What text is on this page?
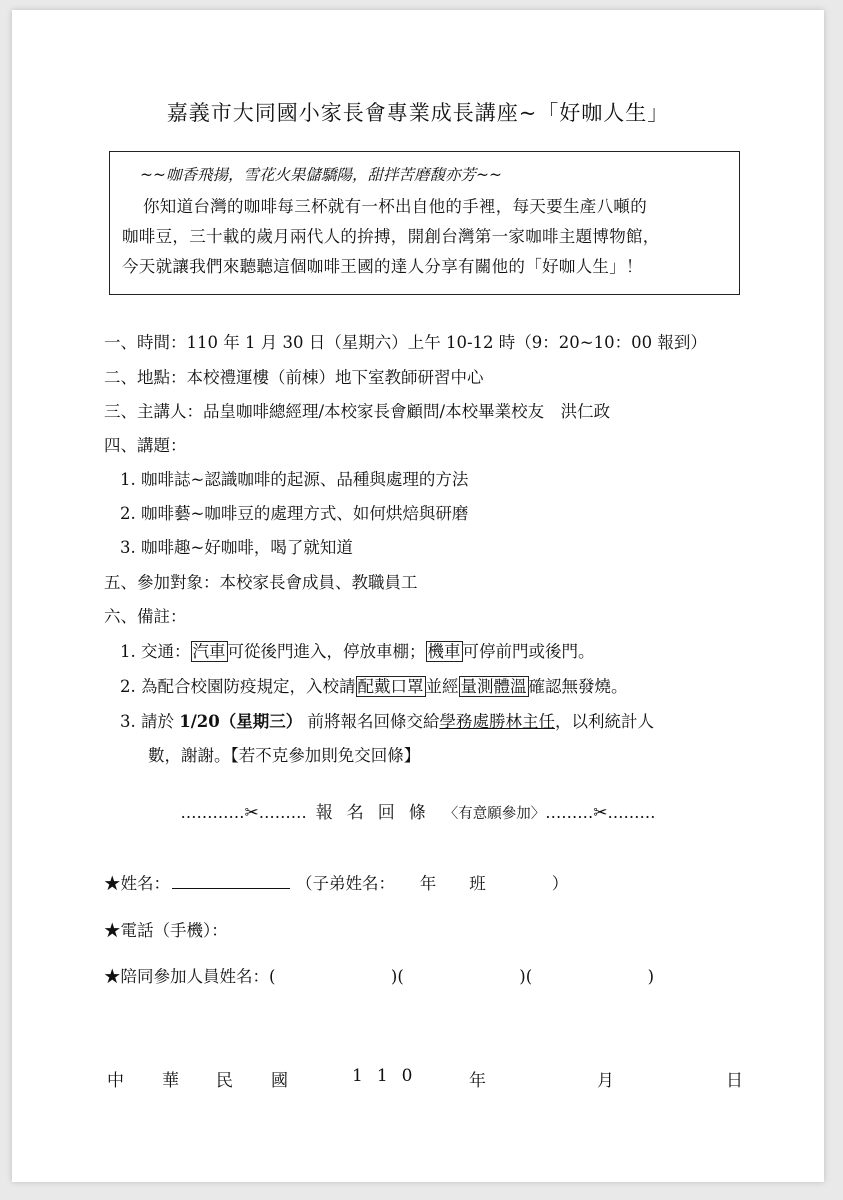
嘉義市大同國小家長會專業成長講座~「好咖人生」
~~咖香飛揚，雪花火果儲驕陽，甜拌苦磨馥亦芳~~
你知道台灣的咖啡每三杯就有一杯出自他的手裡，每天要生產八噸的
咖啡豆，三十載的歲月兩代人的拚搏，開創台灣第一家咖啡主題博物館，
今天就讓我們來聽聽這個咖啡王國的達人分享有關他的「好咖人生」！
一、時間：110 年 1 月 30 日（星期六）上午 10-12 時（9：20~10：00 報到）
二、地點：本校禮運樓（前棟）地下室教師研習中心
三、主講人：品皇咖啡總經理/本校家長會顧問/本校畢業校友　洪仁政
四、講題：
1. 咖啡誌~認識咖啡的起源、品種與處理的方法
2. 咖啡藝~咖啡豆的處理方式、如何烘焙與研磨
3. 咖啡趣~好咖啡，喝了就知道
五、參加對象：本校家長會成員、教職員工
六、備註：
1. 交通： 汽車 可從後門進入，停放車棚； 機車 可停前門或後門。
2. 為配合校園防疫規定，入校請 配戴口罩 並經 量測體溫 確認無發燒。
3. 請於 1/20（星期三） 前將報名回條交給學務處勝林主任，以利統計人
數，謝謝。【若不克參加則免交回條】
…………✂……… 報名回條 〈有意願參加〉………✂………
★姓名：	（子弟姓名：　　年　　班　　　　）
★電話（手機）：
★陪同參加人員姓名：(　　　　　　　)(　　　　　　　)(　　　　　　　)
中 華 民 國	110	年	月	日
